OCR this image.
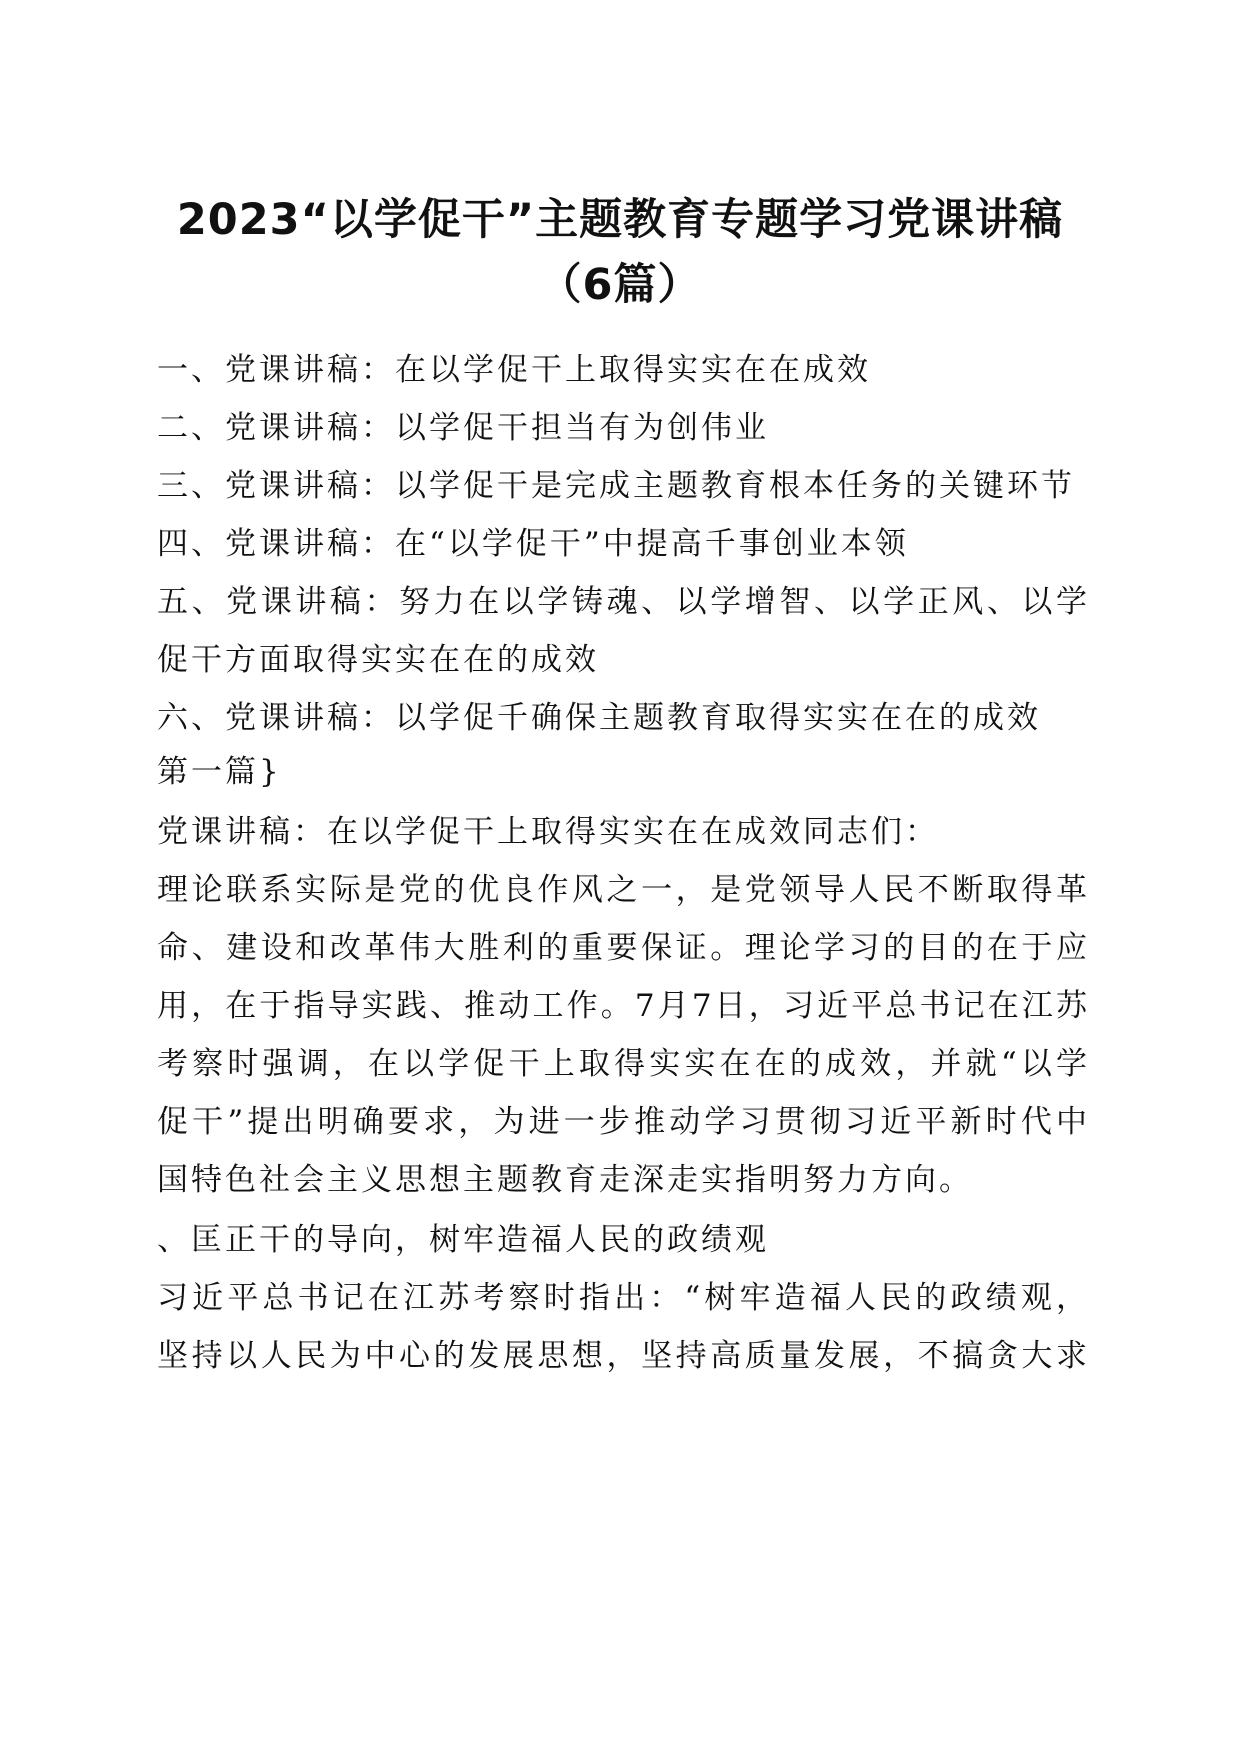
2023“以学促干”主题教育专题学习党课讲稿
（6篇）
一、党课讲稿：在以学促干上取得实实在在成效
二、党课讲稿：以学促干担当有为创伟业
三、党课讲稿：以学促干是完成主题教育根本任务的关键环节
四、党课讲稿：在“以学促干”中提高千事创业本领
五、党课讲稿：努力在以学铸魂、以学增智、以学正风、以学
促干方面取得实实在在的成效
六、党课讲稿：以学促千确保主题教育取得实实在在的成效
第一篇}
党课讲稿：在以学促干上取得实实在在成效同志们：
理论联系实际是党的优良作风之一，是党领导人民不断取得革
命、建设和改革伟大胜利的重要保证。理论学习的目的在于应
用，在于指导实践、推动工作。7月7日，习近平总书记在江苏
考察时强调，在以学促干上取得实实在在的成效，并就“以学
促干”提出明确要求，为进一步推动学习贯彻习近平新时代中
国特色社会主义思想主题教育走深走实指明努力方向。
、匡正干的导向，树牢造福人民的政绩观
习近平总书记在江苏考察时指出：“树牢造福人民的政绩观，
坚持以人民为中心的发展思想，坚持高质量发展，不搞贪大求
